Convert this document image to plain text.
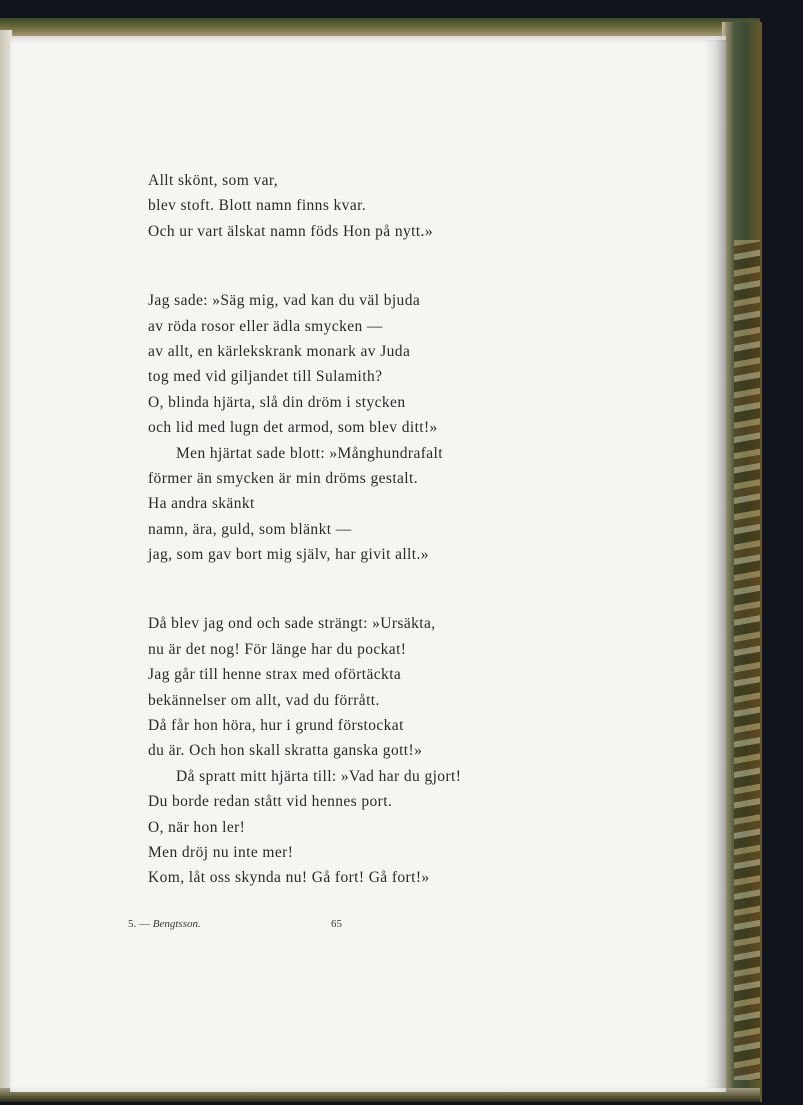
Allt skönt, som var,
blev stoft. Blott namn finns kvar.
Och ur vart älskat namn föds Hon på nytt.»
Jag sade: »Säg mig, vad kan du väl bjuda
av röda rosor eller ädla smycken —
av allt, en kärlekskrank monark av Juda
tog med vid giljandet till Sulamith?
O, blinda hjärta, slå din dröm i stycken
och lid med lugn det armod, som blev ditt!»
Men hjärtat sade blott: »Månghundrafalt
förmer än smycken är min dröms gestalt.
Ha andra skänkt
namn, ära, guld, som blänkt —
jag, som gav bort mig själv, har givit allt.»
Då blev jag ond och sade strängt: »Ursäkta,
nu är det nog! För länge har du pockat!
Jag går till henne strax med oförtäckta
bekännelser om allt, vad du förrått.
Då får hon höra, hur i grund förstockat
du är. Och hon skall skratta ganska gott!»
Då spratt mitt hjärta till: »Vad har du gjort!
Du borde redan stått vid hennes port.
O, när hon ler!
Men dröj nu inte mer!
Kom, låt oss skynda nu! Gå fort! Gå fort!»
5. — Bengtsson.	65
